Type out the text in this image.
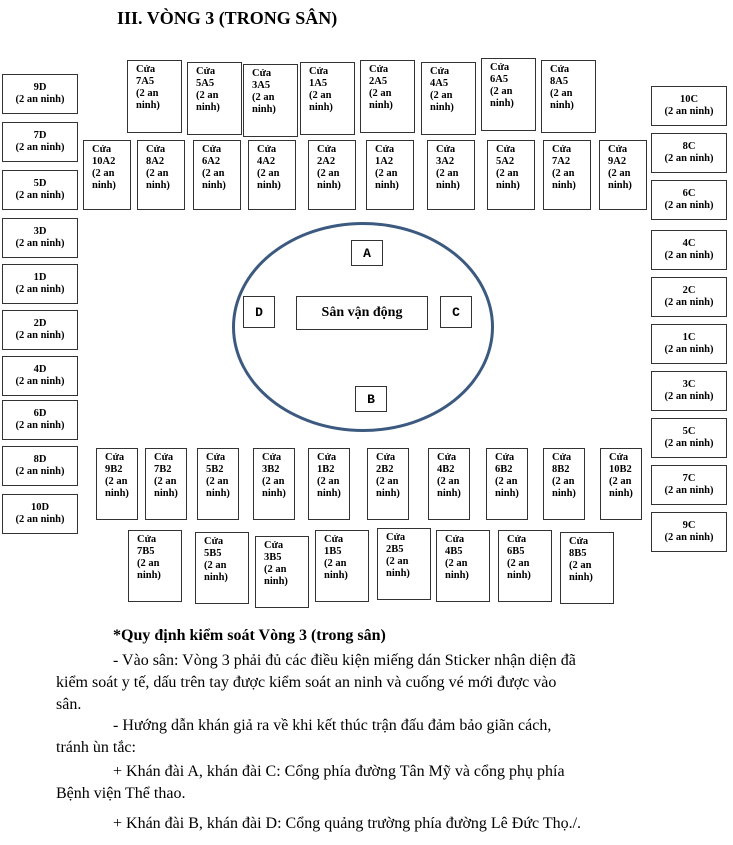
III. VÒNG 3 (TRONG SÂN)
A
B
C
D	Sân vận động
Cửa
7A5
(2 an
ninh)
Cửa
5A5
(2 an
ninh)
Cửa
3A5
(2 an
ninh)
Cửa
1A5
(2 an
ninh)
Cửa
2A5
(2 an
ninh)
Cửa
4A5
(2 an
ninh)
Cửa
6A5
(2 an
ninh)
Cửa
8A5
(2 an
ninh)
Cửa
10A2
(2 an
ninh)
Cửa
8A2
(2 an
ninh)
Cửa
6A2
(2 an
ninh)
Cửa
4A2
(2 an
ninh)
Cửa
2A2
(2 an
ninh)
Cửa
1A2
(2 an
ninh)
Cửa
3A2
(2 an
ninh)
Cửa
5A2
(2 an
ninh)
Cửa
7A2
(2 an
ninh)
Cửa
9A2
(2 an
ninh)
Cửa
9B2
(2 an
ninh)
Cửa
7B2
(2 an
ninh)
Cửa
5B2
(2 an
ninh)
Cửa
3B2
(2 an
ninh)
Cửa
1B2
(2 an
ninh)
Cửa
2B2
(2 an
ninh)
Cửa
4B2
(2 an
ninh)
Cửa
6B2
(2 an
ninh)
Cửa
8B2
(2 an
ninh)
Cửa
10B2
(2 an
ninh)
Cửa
7B5
(2 an
ninh)
Cửa
5B5
(2 an
ninh)
Cửa
3B5
(2 an
ninh)
Cửa
1B5
(2 an
ninh)
Cửa
2B5
(2 an
ninh)
Cửa
4B5
(2 an
ninh)
Cửa
6B5
(2 an
ninh)
Cửa
8B5
(2 an
ninh)
9D
(2 an ninh)
7D
(2 an ninh)
5D
(2 an ninh)
3D
(2 an ninh)
1D
(2 an ninh)
2D
(2 an ninh)
4D
(2 an ninh)
6D
(2 an ninh)
8D
(2 an ninh)
10D
(2 an ninh)
10C
(2 an ninh)
8C
(2 an ninh)
6C
(2 an ninh)
4C
(2 an ninh)
2C
(2 an ninh)
1C
(2 an ninh)
3C
(2 an ninh)
5C
(2 an ninh)
7C
(2 an ninh)
9C
(2 an ninh)
*Quy định kiểm soát Vòng 3 (trong sân)
- Vào sân: Vòng 3 phải đủ các điều kiện miếng dán Sticker nhận diện đã
kiểm soát y tế, dấu trên tay được kiểm soát an ninh và cuống vé mới được vào
sân.
- Hướng dẫn khán giả ra về khi kết thúc trận đấu đảm bảo giãn cách,
tránh ùn tắc:
+ Khán đài A, khán đài C: Cổng phía đường Tân Mỹ và cổng phụ phía
Bệnh viện Thể thao.
+ Khán đài B, khán đài D: Cổng quảng trường phía đường Lê Đức Thọ./.
